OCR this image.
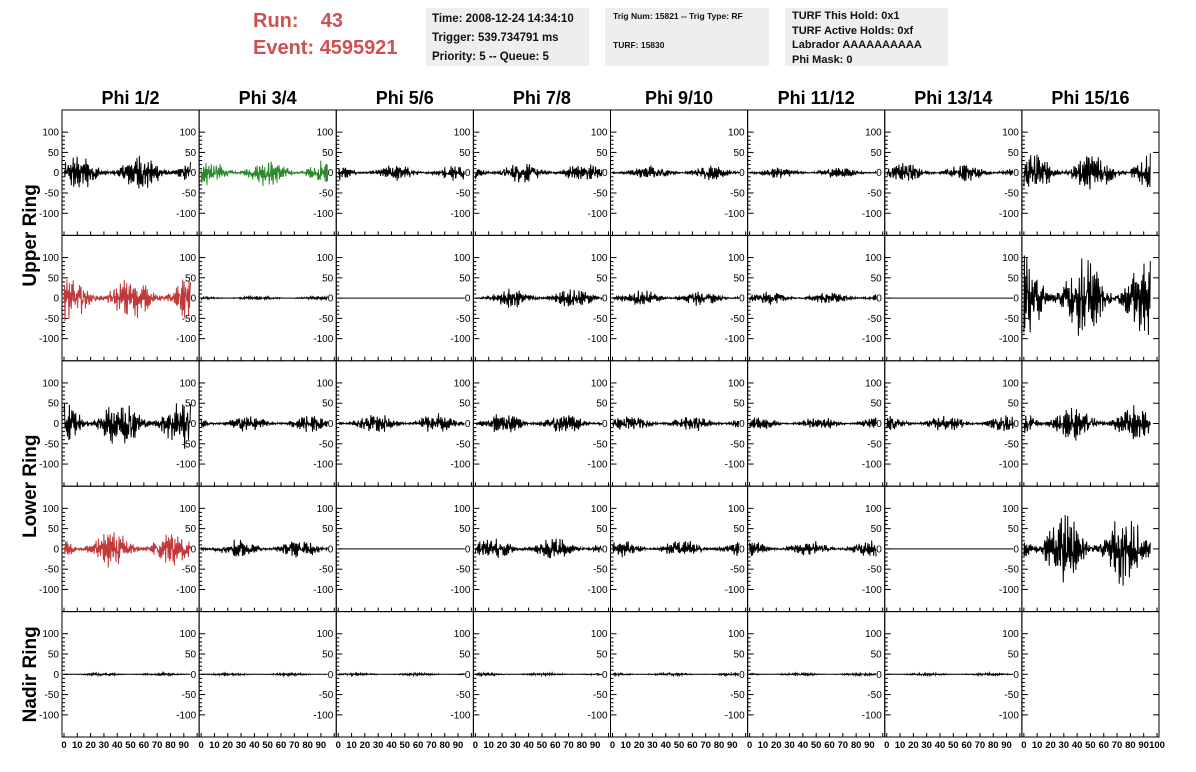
Run: 43
Event: 4595921
Time: 2008-12-24 14:34:10
Trigger: 539.734791 ms
Priority: 5 -- Queue: 5
Trig Num: 15821 -- Trig Type: RF
TURF: 15830
TURF This Hold: 0x1
TURF Active Holds: 0xf
Labrador AAAAAAAAAA
Phi Mask: 0
Phi 1/2	Phi 3/4	Phi 5/6	Phi 7/8	Phi 9/10	Phi 11/12	Phi 13/14	Phi 15/16
Upper Ring
Lower Ring
Nadir Ring
100
50
0
-50
-100
100
50
0
-50
-100
100
50
0
-50
-100
100
50
0
-50
-100
100
50
0
-50
-100
100
50
0
-50
-100
100
50
0
-50
-100
100
50
0
-50
-100
100
50
0
-50
-100
100
50
0
-50
-100
100
50
0
-50
-100
100
50
0
-50
-100
100
50
0
-50
-100
100
50
0
-50
-100
100
50
0
-50
-100
100
50
0
-50
-100
100
50
0
-50
-100
100
50
0
-50
-100
100
50
0
-50
-100
100
50
0
-50
-100
100
50
0
-50
-100
100
50
0
-50
-100
100
50
0
-50
-100
100
50
0
-50
-100
100
50
0
-50
-100
100
50
0
-50
-100
100
50
0
-50
-100
100
50
0
-50
-100
100
50
0
-50
-100
100
50
0
-50
-100
100
50
0
-50
-100
100
50
0
-50
-100
100
50
0
-50
-100
100
50
0
-50
-100
100
50
0
-50
-100
100
50
0
-50
-100
100
50
0
-50
-100
100
50
0
-50
-100
100
50
0
-50
-100
100
50
0
-50
-100
0 10 20 30 40 50 60 70 80 90 0 10 20 30 40 50 60 70 80 90 0 10 20 30 40 50 60 70 80 90 0 10 20 30 40 50 60 70 80 90 0 10 20 30 40 50 60 70 80 90 0 10 20 30 40 50 60 70 80 90 0 10 20 30 40 50 60 70 80 90 0 10 20 30 40 50 60 70 80 90 100
